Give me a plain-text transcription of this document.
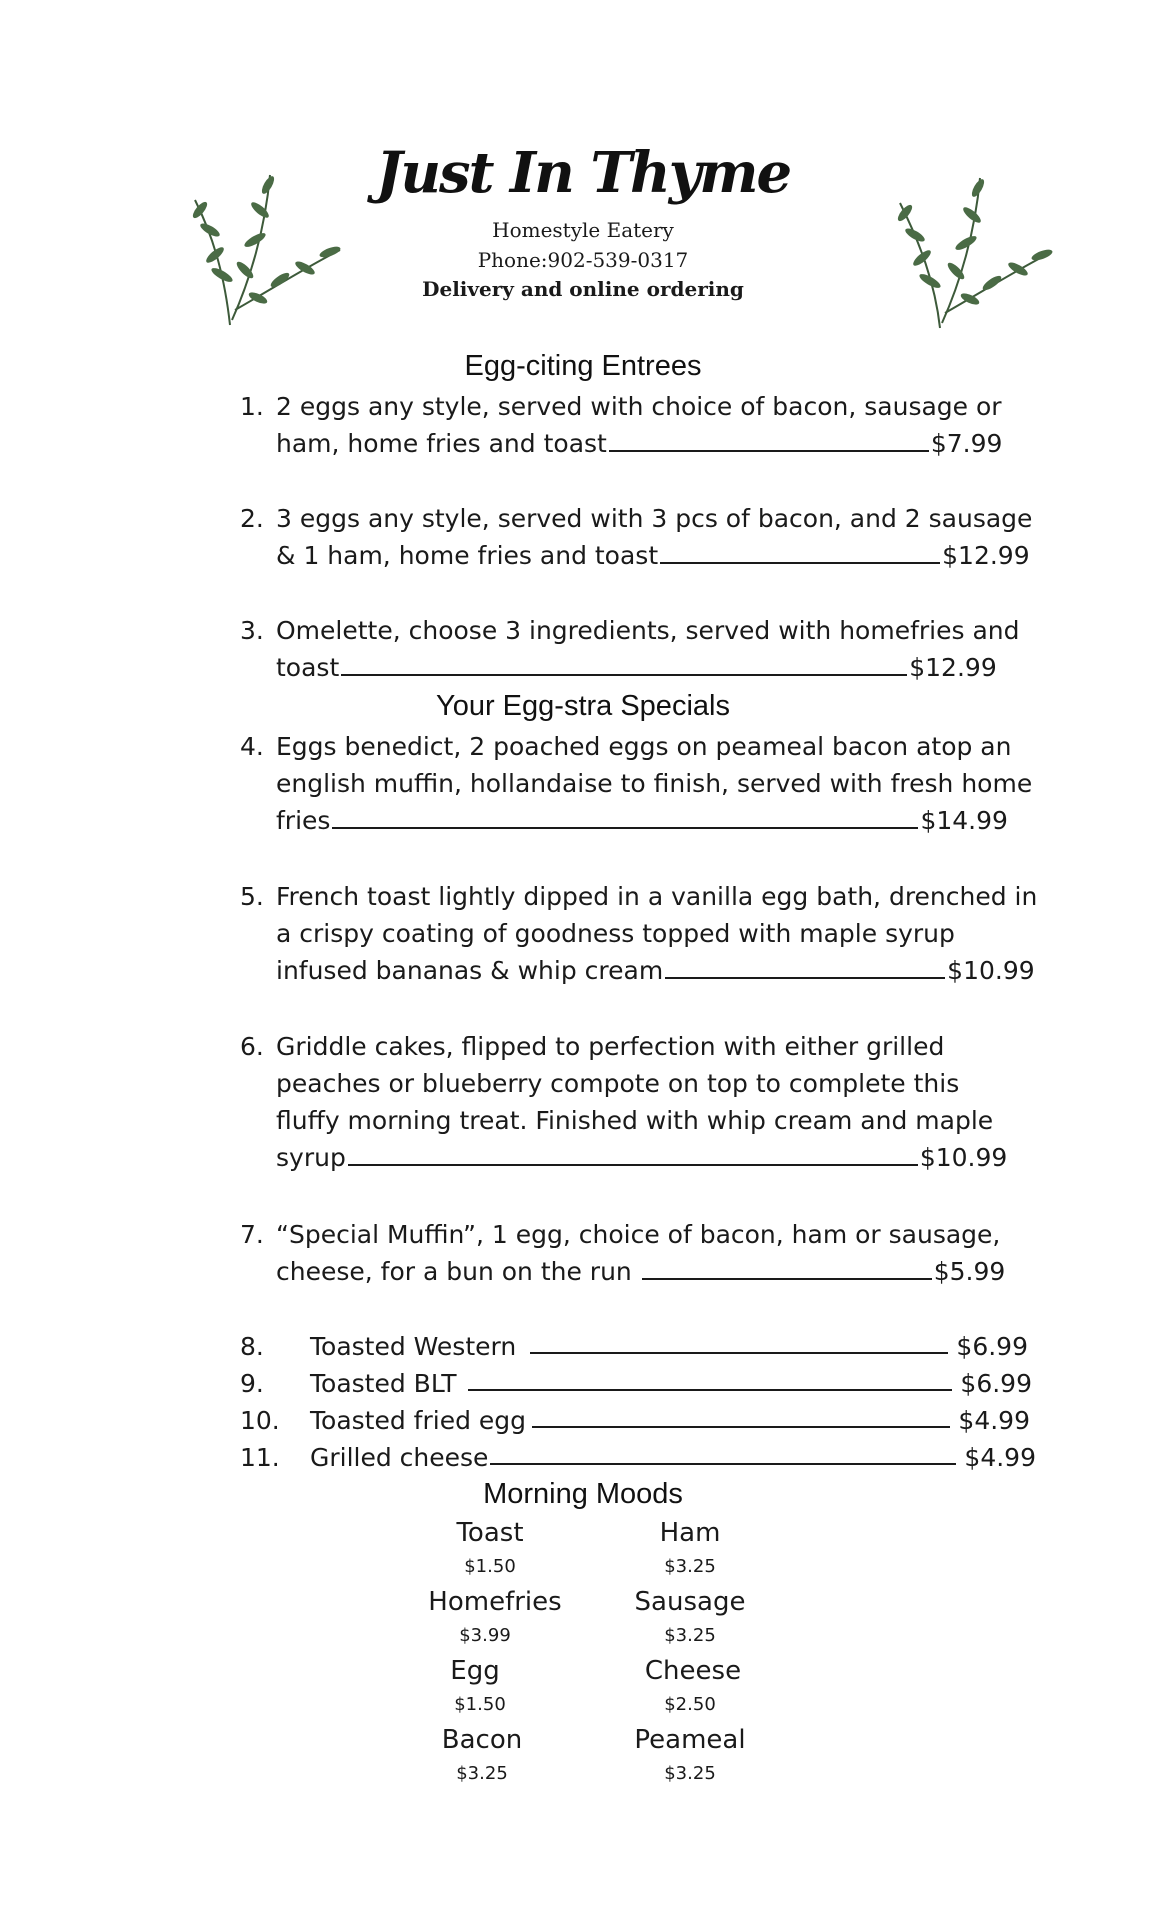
Just In Thyme
Homestyle Eatery
Phone:902-539-0317
Delivery and online ordering
Egg-citing Entrees
Your Egg-stra Specials
Morning Moods
1. 2 eggs any style, served with choice of bacon, sausage or
ham, home fries and toast	$7.99
2. 3 eggs any style, served with 3 pcs of bacon, and 2 sausage
& 1 ham, home fries and toast	$12.99
3. Omelette, choose 3 ingredients, served with homefries and
toast	$12.99
4. Eggs benedict, 2 poached eggs on peameal bacon atop an
english muffin, hollandaise to finish, served with fresh home
fries	$14.99
5. French toast lightly dipped in a vanilla egg bath, drenched in
a crispy coating of goodness topped with maple syrup
infused bananas & whip cream	$10.99
6. Griddle cakes, flipped to perfection with either grilled
peaches or blueberry compote on top to complete this
fluffy morning treat. Finished with whip cream and maple
syrup	$10.99
7. “Special Muffin”, 1 egg, choice of bacon, ham or sausage,
cheese, for a bun on the run	$5.99
8. Toasted Western	$6.99
9. Toasted BLT	$6.99
10. Toasted fried egg	$4.99
11. Grilled cheese	$4.99
Toast
$1.50
Ham
$3.25
Homefries
$3.99
Sausage
$3.25
Egg
$1.50
Cheese
$2.50
Bacon
$3.25
Peameal
$3.25
